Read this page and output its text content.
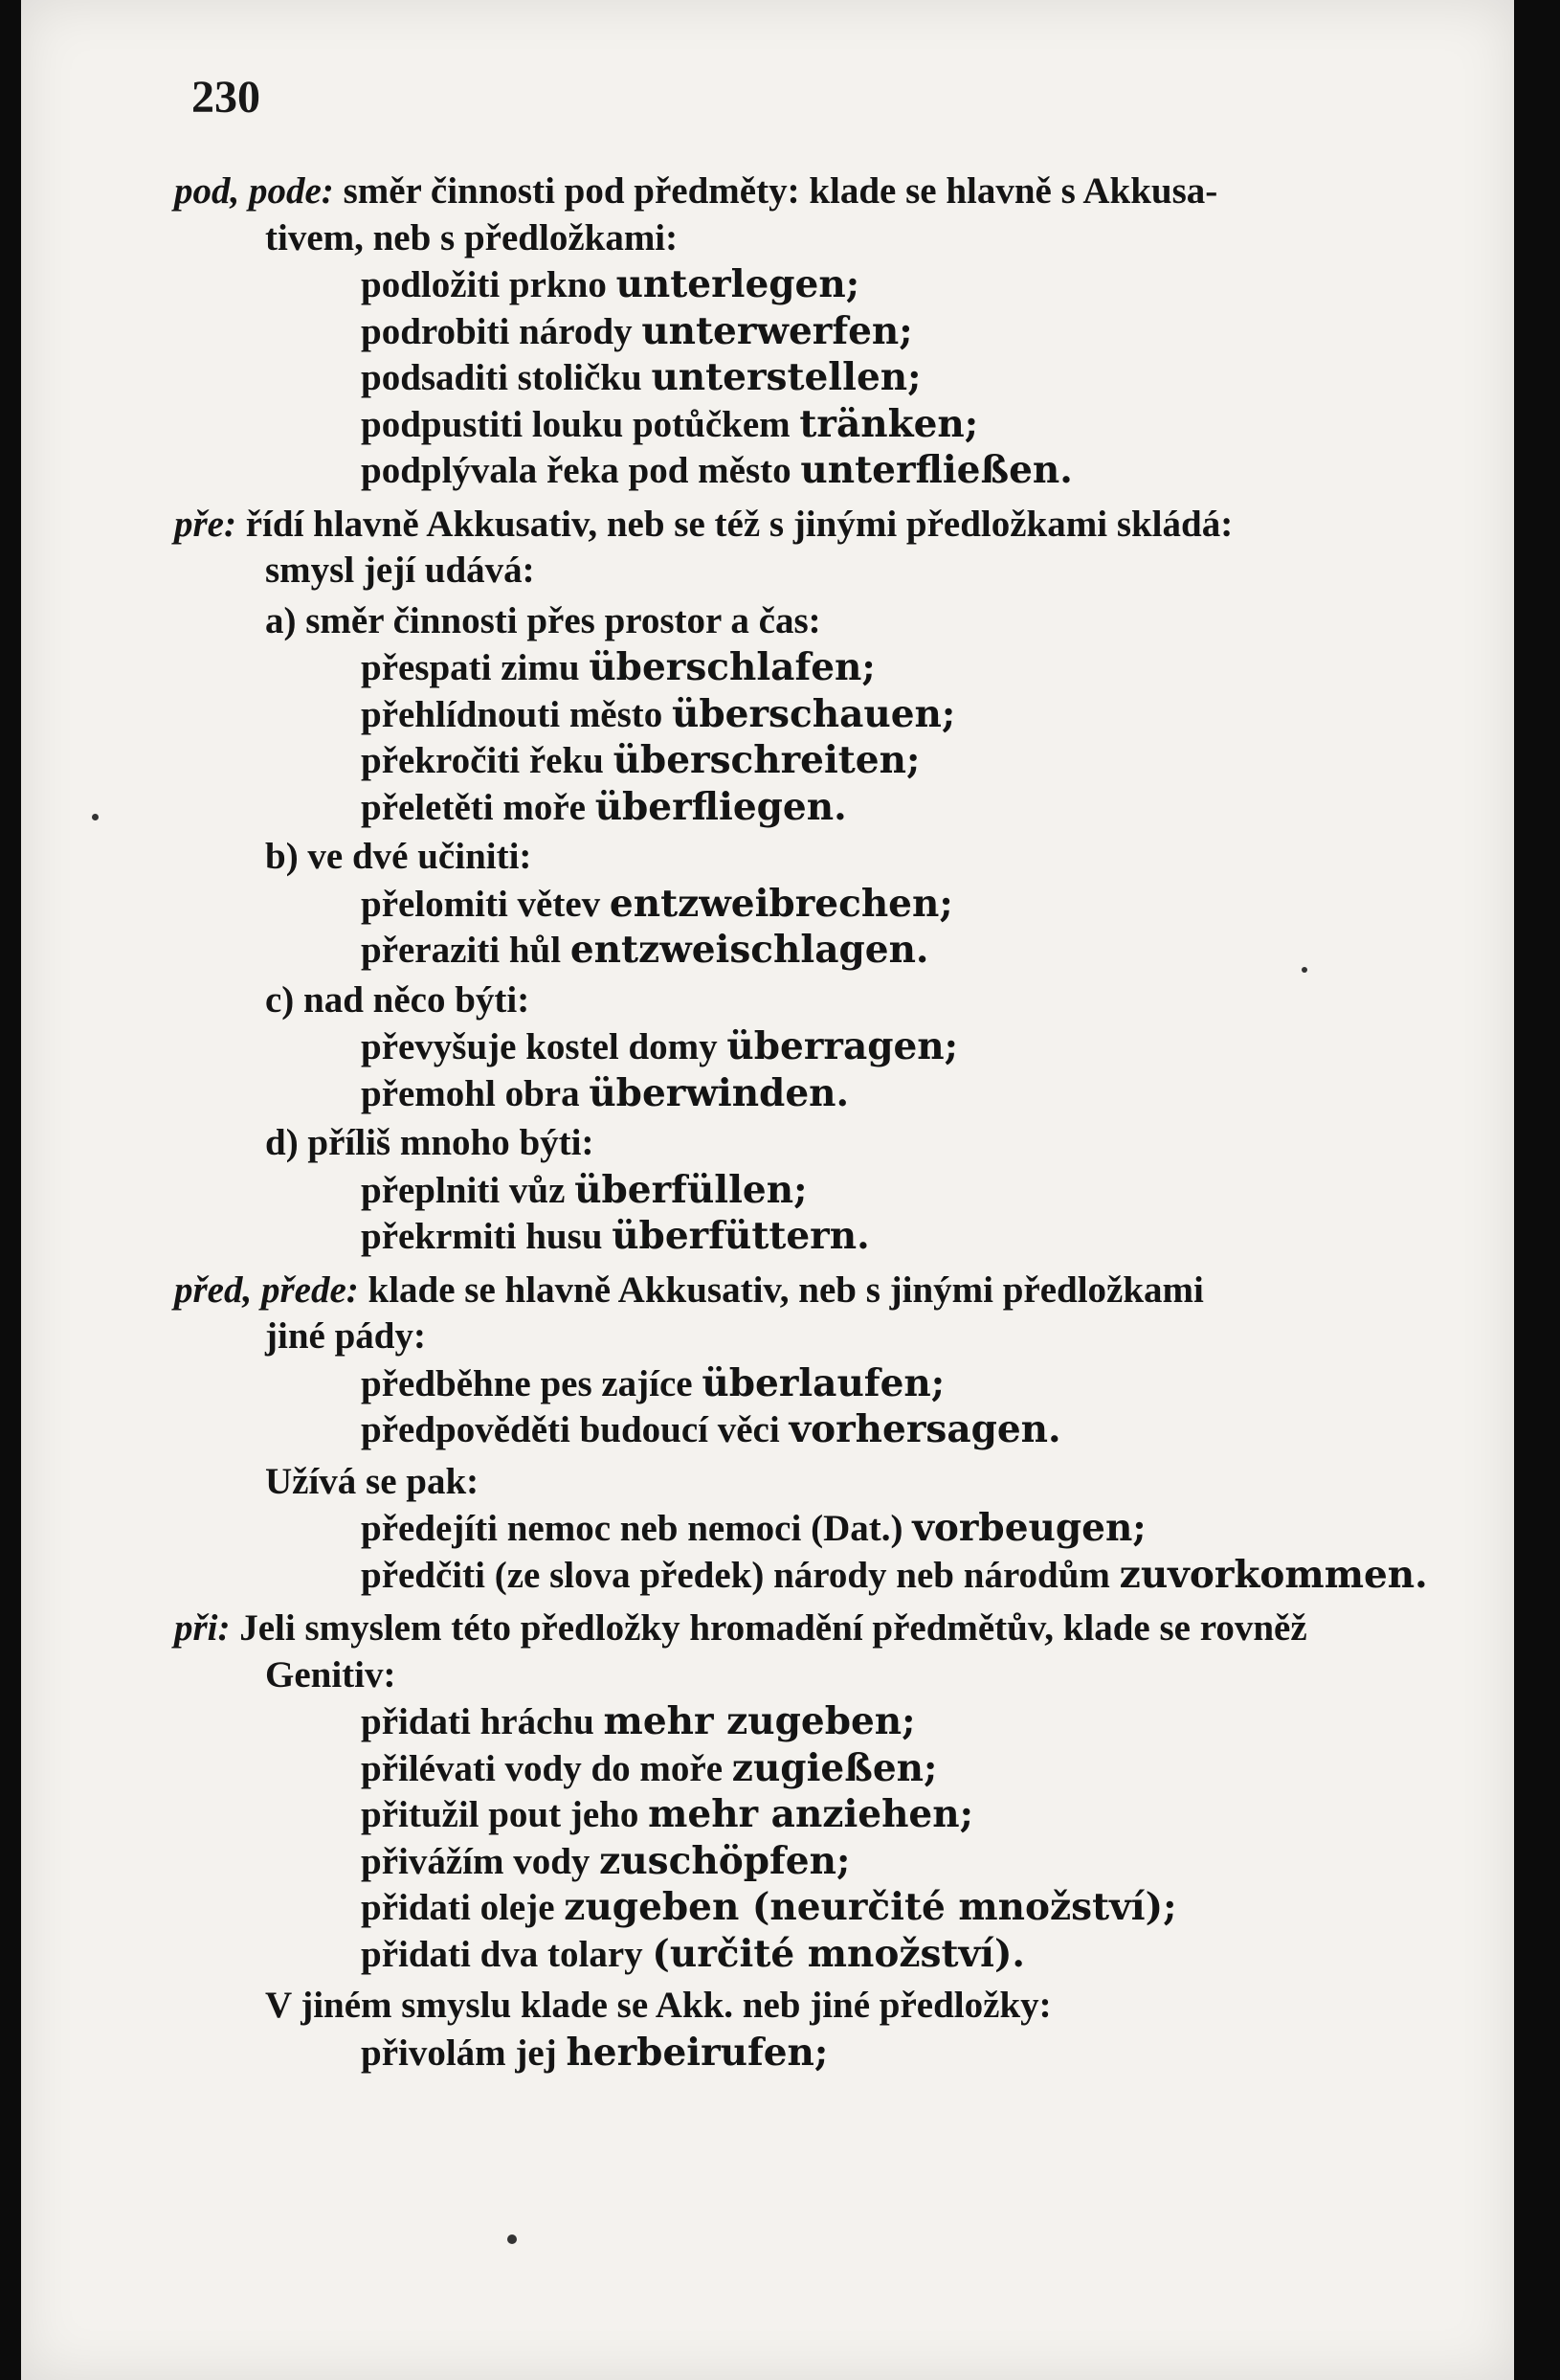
230
pod, pode: směr činnosti pod předměty: klade se hlavně s Akkusa-
tivem, neb s předložkami:
podložiti prkno unterlegen;
podrobiti národy unterwerfen;
podsaditi stoličku unterstellen;
podpustiti louku potůčkem tränken;
podplývala řeka pod město unterfließen.
pře: řídí hlavně Akkusativ, neb se též s jinými předložkami skládá:
smysl její udává:
a) směr činnosti přes prostor a čas:
přespati zimu überschlafen;
přehlídnouti město überschauen;
překročiti řeku überschreiten;
přeletěti moře überfliegen.
b) ve dvé učiniti:
přelomiti větev entzweibrechen;
přeraziti hůl entzweischlagen.
c) nad něco býti:
převyšuje kostel domy überragen;
přemohl obra überwinden.
d) příliš mnoho býti:
přeplniti vůz überfüllen;
překrmiti husu überfüttern.
před, přede: klade se hlavně Akkusativ, neb s jinými předložkami
jiné pády:
předběhne pes zajíce überlaufen;
předpověděti budoucí věci vorhersagen.
Užívá se pak:
předejíti nemoc neb nemoci (Dat.) vorbeugen;
předčiti (ze slova předek) národy neb národům zuvorkommen.
při: Jeli smyslem této předložky hromadění předmětův, klade se rovněž
Genitiv:
přidati hráchu mehr zugeben;
přilévati vody do moře zugießen;
přitužil pout jeho mehr anziehen;
přivážím vody zuschöpfen;
přidati oleje zugeben (neurčité množství);
přidati dva tolary (určité množství).
V jiném smyslu klade se Akk. neb jiné předložky:
přivolám jej herbeirufen;
